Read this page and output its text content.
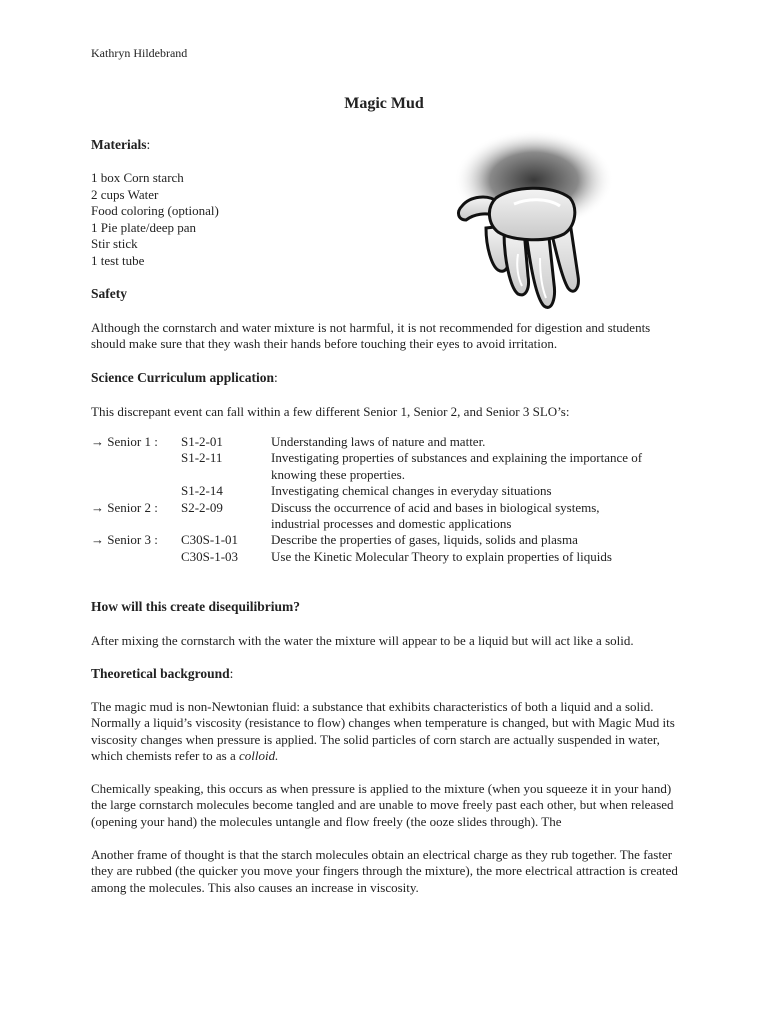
Kathryn Hildebrand
Magic Mud
Materials:
1 box Corn starch
2 cups Water
Food coloring (optional)
1 Pie plate/deep pan
Stir stick
1 test tube
Safety

Although the cornstarch and water mixture is not harmful, it is not recommended for digestion and students should make sure that they wash their hands before touching their eyes to avoid irritation.

Science Curriculum application:
This discrepant event can fall within a few different Senior 1, Senior 2, and Senior 3 SLO’s:
→ Senior 1 : S1-2-01	Understanding laws of nature and matter.
S1-2-11	Investigating properties of substances and explaining the importance of knowing these properties.
S1-2-14	Investigating chemical changes in everyday situations
→ Senior 2 : S2-2-09	Discuss the occurrence of acid and bases in biological systems, industrial processes and domestic applications
→ Senior 3 : C30S-1-01	Describe the properties of gases, liquids, solids and plasma
C30S-1-03	Use the Kinetic Molecular Theory to explain properties of liquids
How will this create disequilibrium?
After mixing the cornstarch with the water the mixture will appear to be a liquid but will act like a solid.
Theoretical background:

The magic mud is non-Newtonian fluid: a substance that exhibits characteristics of both a liquid and a solid. Normally a liquid’s viscosity (resistance to flow) changes when temperature is changed, but with Magic Mud its viscosity changes when pressure is applied. The solid particles of corn starch are actually suspended in water, which chemists refer to as a colloid.

Chemically speaking, this occurs as when pressure is applied to the mixture (when you squeeze it in your hand) the large cornstarch molecules become tangled and are unable to move freely past each other, but when released (opening your hand) the molecules untangle and flow freely (the ooze slides through). The

Another frame of thought is that the starch molecules obtain an electrical charge as they rub together. The faster they are rubbed (the quicker you move your fingers through the mixture), the more electrical attraction is created among the molecules. This also causes an increase in viscosity.
